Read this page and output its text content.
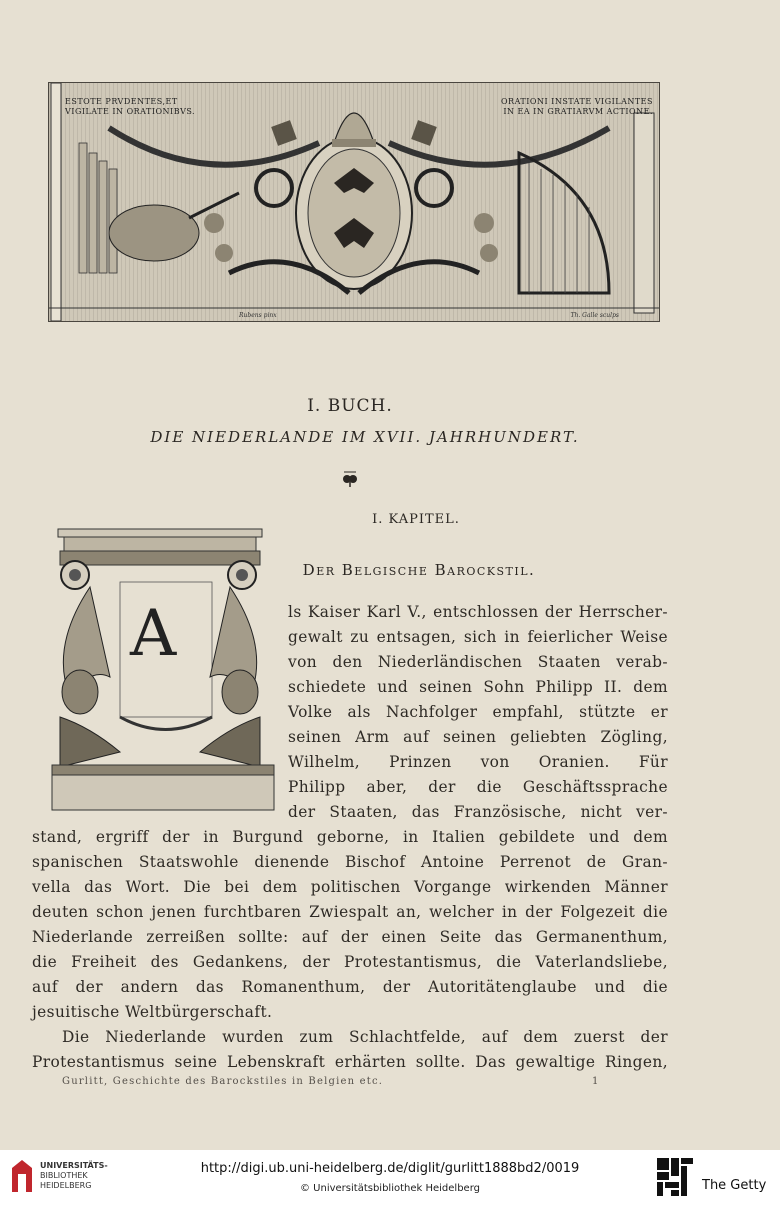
ESTOTE PRVDENTES,ET
VIGILATE IN ORATIONIBVS.
ORATIONI INSTATE VIGILANTES
IN EA IN GRATIARVM ACTIONE.
Rubens pinx	Th. Galle sculps
I. BUCH.
DIE NIEDERLANDE IM XVII. JAHRHUNDERT.
I. KAPITEL.
Der Belgische Barockstil.
A	ls Kaiser Karl V., entschlossen der Herrscher-
gewalt zu entsagen, sich in feierlicher Weise
von den Niederländischen Staaten verab-
schiedete und seinen Sohn Philipp II. dem
Volke als Nachfolger empfahl, stützte er
seinen Arm auf seinen geliebten Zögling,
Wilhelm, Prinzen von Oranien. Für
Philipp aber, der die Geschäftssprache
der Staaten, das Französische, nicht ver-
stand, ergriff der in Burgund geborne, in Italien gebildete und dem
spanischen Staatswohle dienende Bischof Antoine Perrenot de Gran-
vella das Wort. Die bei dem politischen Vorgange wirkenden Männer
deuten schon jenen furchtbaren Zwiespalt an, welcher in der Folgezeit die
Niederlande zerreißen sollte: auf der einen Seite das Germanenthum,
die Freiheit des Gedankens, der Protestantismus, die Vaterlandsliebe,
auf der andern das Romanenthum, der Autoritätenglaube und die
jesuitische Weltbürgerschaft.
Die Niederlande wurden zum Schlachtfelde, auf dem zuerst der
Protestantismus seine Lebenskraft erhärten sollte. Das gewaltige Ringen,
Gurlitt, Geschichte des Barockstiles in Belgien etc.	1
UNIVERSITÄTS-
BIBLIOTHEK
HEIDELBERG
http://digi.ub.uni-heidelberg.de/diglit/gurlitt1888bd2/0019
© Universitätsbibliothek Heidelberg	The Getty
